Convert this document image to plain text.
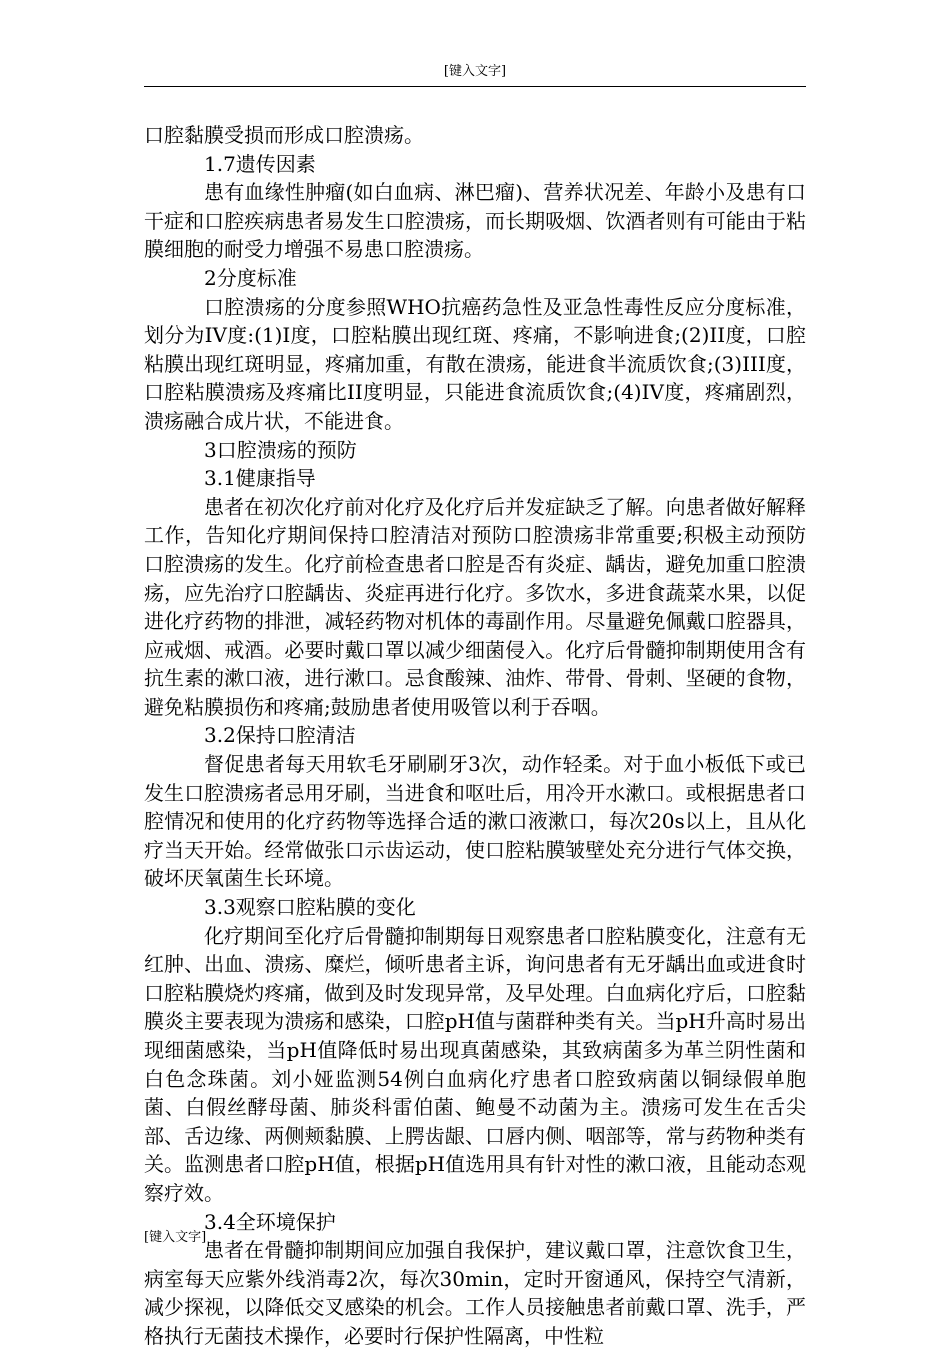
[键入文字]

口腔黏膜受损而形成口腔溃疡。

1.7遗传因素

患有血缘性肿瘤(如白血病、淋巴瘤)、营养状况差、年龄小及患有口干症和口腔疾病患者易发生口腔溃疡，而长期吸烟、饮酒者则有可能由于粘膜细胞的耐受力增强不易患口腔溃疡。

2分度标准

口腔溃疡的分度参照WHO抗癌药急性及亚急性毒性反应分度标准，划分为IV度:(1)I度，口腔粘膜出现红斑、疼痛，不影响进食;(2)II度，口腔粘膜出现红斑明显，疼痛加重，有散在溃疡，能进食半流质饮食;(3)III度，口腔粘膜溃疡及疼痛比II度明显，只能进食流质饮食;(4)IV度，疼痛剧烈，溃疡融合成片状，不能进食。

3口腔溃疡的预防

3.1健康指导

患者在初次化疗前对化疗及化疗后并发症缺乏了解。向患者做好解释工作，告知化疗期间保持口腔清洁对预防口腔溃疡非常重要;积极主动预防口腔溃疡的发生。化疗前检查患者口腔是否有炎症、龋齿，避免加重口腔溃疡，应先治疗口腔龋齿、炎症再进行化疗。多饮水，多进食蔬菜水果，以促进化疗药物的排泄，减轻药物对机体的毒副作用。尽量避免佩戴口腔器具，应戒烟、戒酒。必要时戴口罩以减少细菌侵入。化疗后骨髓抑制期使用含有抗生素的漱口液，进行漱口。忌食酸辣、油炸、带骨、骨刺、坚硬的食物，避免粘膜损伤和疼痛;鼓励患者使用吸管以利于吞咽。

3.2保持口腔清洁

督促患者每天用软毛牙刷刷牙3次，动作轻柔。对于血小板低下或已发生口腔溃疡者忌用牙刷，当进食和呕吐后，用冷开水漱口。或根据患者口腔情况和使用的化疗药物等选择合适的漱口液漱口，每次20s以上，且从化疗当天开始。经常做张口示齿运动，使口腔粘膜皱壁处充分进行气体交换，破坏厌氧菌生长环境。

3.3观察口腔粘膜的变化

化疗期间至化疗后骨髓抑制期每日观察患者口腔粘膜变化，注意有无红肿、出血、溃疡、糜烂，倾听患者主诉，询问患者有无牙龋出血或进食时口腔粘膜烧灼疼痛，做到及时发现异常，及早处理。白血病化疗后，口腔黏膜炎主要表现为溃疡和感染，口腔pH值与菌群种类有关。当pH升高时易出现细菌感染，当pH值降低时易出现真菌感染，其致病菌多为革兰阴性菌和白色念珠菌。刘小娅监测54例白血病化疗患者口腔致病菌以铜绿假单胞菌、白假丝酵母菌、肺炎科雷伯菌、鲍曼不动菌为主。溃疡可发生在舌尖部、舌边缘、两侧颊黏膜、上腭齿龈、口唇内侧、咽部等，常与药物种类有关。监测患者口腔pH值，根据pH值选用具有针对性的漱口液，且能动态观察疗效。

3.4全环境保护

患者在骨髓抑制期间应加强自我保护，建议戴口罩，注意饮食卫生，病室每天应紫外线消毒2次，每次30min，定时开窗通风，保持空气清新，减少探视，以降低交叉感染的机会。工作人员接触患者前戴口罩、洗手，严格执行无菌技术操作，必要时行保护性隔离，中性粒

[键入文字]
